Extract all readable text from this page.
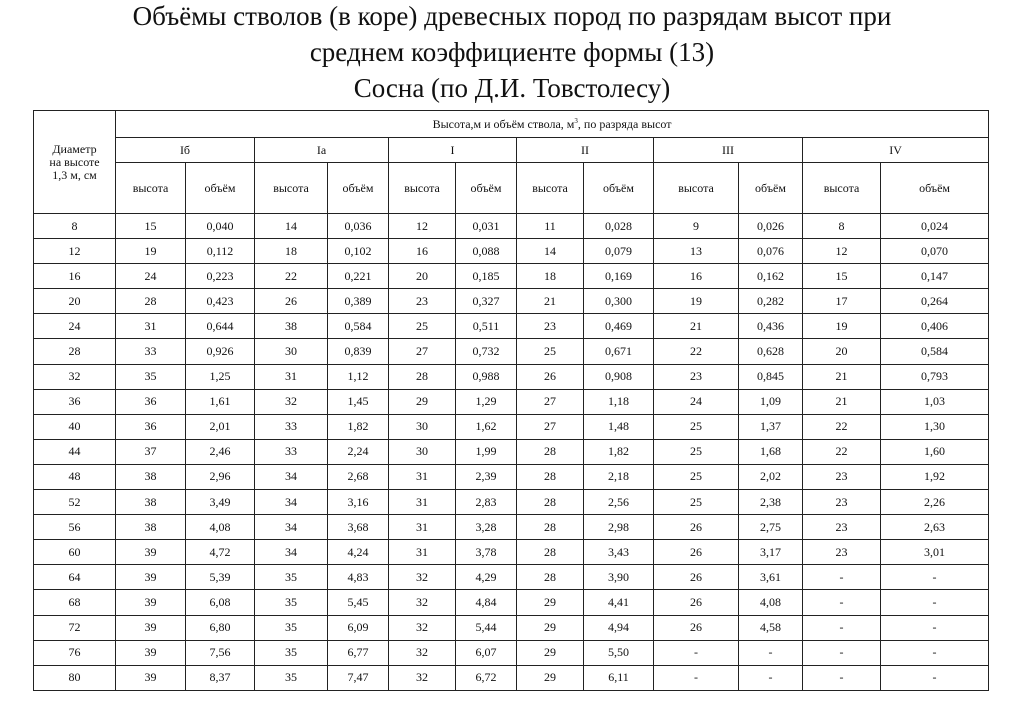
Объёмы стволов (в коре) древесных пород по разрядам высот при
среднем коэффициенте формы (13)
Сосна (по Д.И. Товстолесу)
Диаметр
на высоте
1,3 м, см	Высота,м и объём ствола, $м^3$, по разряда высот											
	Iб		Iа		I		II		III		IV	
	высота	объём	высота	объём	высота	объём	высота	объём	высота	объём	высота	объём
8	15	0,040	14	0,036	12	0,031	11	0,028	9	0,026	8	0,024
12	19	0,112	18	0,102	16	0,088	14	0,079	13	0,076	12	0,070
16	24	0,223	22	0,221	20	0,185	18	0,169	16	0,162	15	0,147
20	28	0,423	26	0,389	23	0,327	21	0,300	19	0,282	17	0,264
24	31	0,644	38	0,584	25	0,511	23	0,469	21	0,436	19	0,406
28	33	0,926	30	0,839	27	0,732	25	0,671	22	0,628	20	0,584
32	35	1,25	31	1,12	28	0,988	26	0,908	23	0,845	21	0,793
36	36	1,61	32	1,45	29	1,29	27	1,18	24	1,09	21	1,03
40	36	2,01	33	1,82	30	1,62	27	1,48	25	1,37	22	1,30
44	37	2,46	33	2,24	30	1,99	28	1,82	25	1,68	22	1,60
48	38	2,96	34	2,68	31	2,39	28	2,18	25	2,02	23	1,92
52	38	3,49	34	3,16	31	2,83	28	2,56	25	2,38	23	2,26
56	38	4,08	34	3,68	31	3,28	28	2,98	26	2,75	23	2,63
60	39	4,72	34	4,24	31	3,78	28	3,43	26	3,17	23	3,01
64	39	5,39	35	4,83	32	4,29	28	3,90	26	3,61	-	-
68	39	6,08	35	5,45	32	4,84	29	4,41	26	4,08	-	-
72	39	6,80	35	6,09	32	5,44	29	4,94	26	4,58	-	-
76	39	7,56	35	6,77	32	6,07	29	5,50	-	-	-	-
80	39	8,37	35	7,47	32	6,72	29	6,11	-	-	-	-
